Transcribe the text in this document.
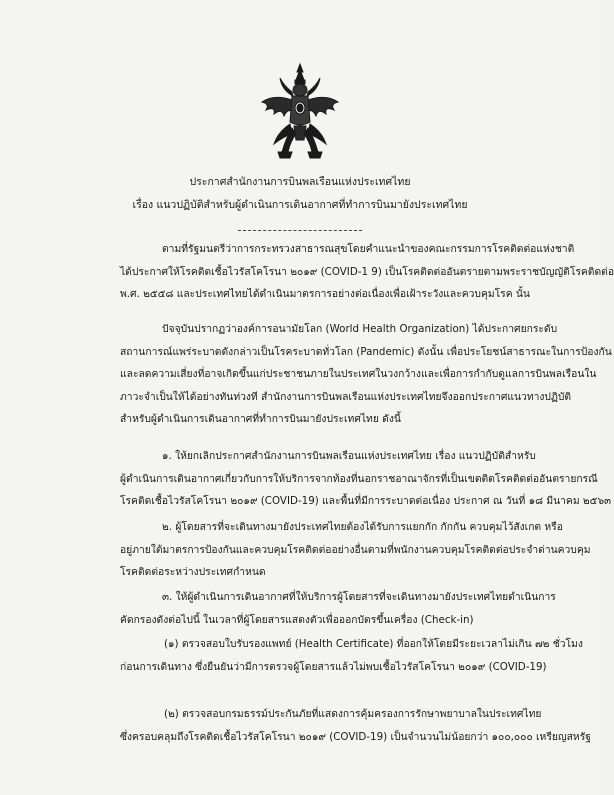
ประกาศสำนักงานการบินพลเรือนแห่งประเทศไทย
เรื่อง แนวปฏิบัติสำหรับผู้ดำเนินการเดินอากาศที่ทำการบินมายังประเทศไทย
ตามที่รัฐมนตรีว่าการกระทรวงสาธารณสุขโดยคำแนะนำของคณะกรรมการโรคติดต่อแห่งชาติ
ได้ประกาศให้โรคติดเชื้อไวรัสโคโรนา ๒๐๑๙ (COVID-1 9) เป็นโรคติดต่ออันตรายตามพระราชบัญญัติโรคติดต่อ
พ.ศ. ๒๕๕๘ และประเทศไทยได้ดำเนินมาตรการอย่างต่อเนื่องเพื่อเฝ้าระวังและควบคุมโรค นั้น
ปัจจุบันปรากฏว่าองค์การอนามัยโลก (World Health Organization) ได้ประกาศยกระดับ
สถานการณ์แพร่ระบาดดังกล่าวเป็นโรคระบาดทั่วโลก (Pandemic) ดังนั้น เพื่อประโยชน์สาธารณะในการป้องกัน
และลดความเสี่ยงที่อาจเกิดขึ้นแก่ประชาชนภายในประเทศในวงกว้างและเพื่อการกำกับดูแลการบินพลเรือนใน
ภาวะจำเป็นให้ได้อย่างทันท่วงที สำนักงานการบินพลเรือนแห่งประเทศไทยจึงออกประกาศแนวทางปฏิบัติ
สำหรับผู้ดำเนินการเดินอากาศที่ทำการบินมายังประเทศไทย ดังนี้
๑. ให้ยกเลิกประกาศสำนักงานการบินพลเรือนแห่งประเทศไทย เรื่อง แนวปฏิบัติสำหรับ
ผู้ดำเนินการเดินอากาศเกี่ยวกับการให้บริการจากท้องที่นอกราชอาณาจักรที่เป็นเขตติดโรคติดต่ออันตรายกรณี
โรคติดเชื้อไวรัสโคโรนา ๒๐๑๙ (COVID-19) และพื้นที่มีการระบาดต่อเนื่อง ประกาศ ณ วันที่ ๑๘ มีนาคม ๒๕๖๓
๒. ผู้โดยสารที่จะเดินทางมายังประเทศไทยต้องได้รับการแยกกัก กักกัน ควบคุมไว้สังเกต หรือ
อยู่ภายใต้มาตรการป้องกันและควบคุมโรคติดต่ออย่างอื่นตามที่พนักงานควบคุมโรคติดต่อประจำด่านควบคุม
โรคติดต่อระหว่างประเทศกำหนด
๓. ให้ผู้ดำเนินการเดินอากาศที่ให้บริการผู้โดยสารที่จะเดินทางมายังประเทศไทยดำเนินการ
คัดกรองดังต่อไปนี้ ในเวลาที่ผู้โดยสารแสดงตัวเพื่อออกบัตรขึ้นเครื่อง (Check-in)
(๑) ตรวจสอบใบรับรองแพทย์ (Health Certificate) ที่ออกให้โดยมีระยะเวลาไม่เกิน ๗๒ ชั่วโมง
ก่อนการเดินทาง ซึ่งยืนยันว่ามีการตรวจผู้โดยสารแล้วไม่พบเชื้อไวรัสโคโรนา ๒๐๑๙ (COVID-19)
(๒) ตรวจสอบกรมธรรม์ประกันภัยที่แสดงการคุ้มครองการรักษาพยาบาลในประเทศไทย
ซึ่งครอบคลุมถึงโรคติดเชื้อไวรัสโคโรนา ๒๐๑๙ (COVID-19) เป็นจำนวนไม่น้อยกว่า ๑๐๐,๐๐๐ เหรียญสหรัฐ
